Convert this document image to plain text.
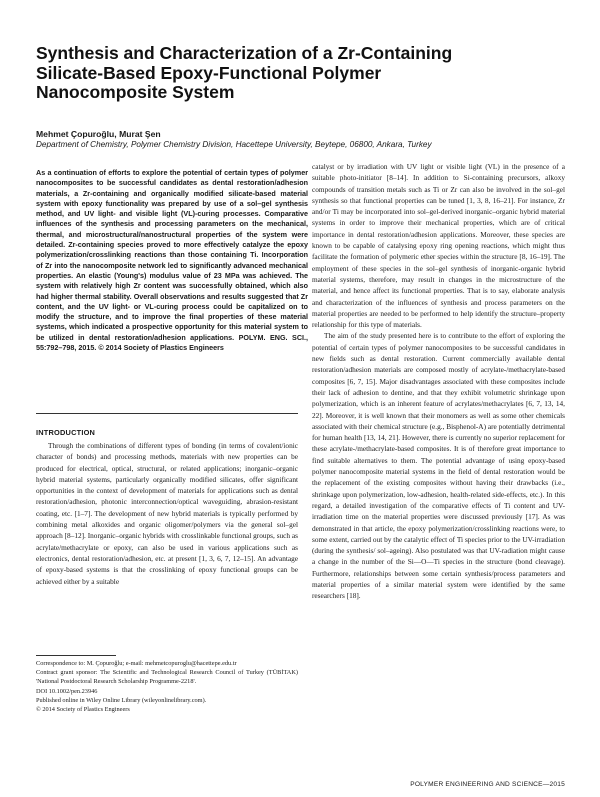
Synthesis and Characterization of a Zr-Containing
Silicate-Based Epoxy-Functional Polymer
Nanocomposite System
Mehmet Çopuroğlu, Murat Şen
Department of Chemistry, Polymer Chemistry Division, Hacettepe University, Beytepe, 06800, Ankara, Turkey
As a continuation of efforts to explore the potential of certain types of polymer nanocomposites to be successful candidates as dental restoration/adhesion materials, a Zr-containing and organically modified silicate-based material system with epoxy functionality was prepared by use of a sol–gel synthesis method, and UV light- and visible light (VL)-curing processes. Comparative influences of the synthesis and processing parameters on the mechanical, thermal, and microstructural/nanostructural properties of the system were detailed. Zr-containing species proved to more effectively catalyze the epoxy polymerization/crosslinking reactions than those containing Ti. Incorporation of Zr into the nanocomposite network led to significantly advanced mechanical properties. An elastic (Young's) modulus value of 23 MPa was achieved. The system with relatively high Zr content was successfully obtained, which also had higher thermal stability. Overall observations and results suggested that Zr content, and the UV light- or VL-curing process could be capitalized on to modify the structure, and to improve the final properties of these material systems, which indicated a prospective opportunity for this material system to be utilized in dental restoration/adhesion applications. POLYM. ENG. SCI., 55:792–798, 2015. © 2014 Society of Plastics Engineers
INTRODUCTION

Through the combinations of different types of bonding (in terms of covalent/ionic character of bonds) and processing methods, materials with new properties can be produced for electrical, optical, structural, or related applications; inorganic–organic hybrid material systems, particularly organically modified silicates, offer significant opportunities in the context of development of materials for applications such as dental restoration/adhesion, photonic interconnection/optical waveguiding, abrasion-resistant coating, etc. [1–7]. The development of new hybrid materials is typically performed by combining metal alkoxides and organic oligomer/polymers via the general sol–gel approach [8–12]. Inorganic–organic hybrids with crosslinkable functional groups, such as acrylate/methacrylate or epoxy, can also be used in various applications such as electronics, dental restoration/adhesion, etc. at present [1, 3, 6, 7, 12–15]. An advantage of epoxy-based systems is that the crosslinking of epoxy functional groups can be achieved either by a suitable

Correspondence to: M. Çopuroğlu; e-mail: mehmetcopuroglu@hacettepe.edu.tr
Contract grant sponsor: The Scientific and Technological Research Council of Turkey (TÜBİTAK) 'National Postdoctoral Research Scholarship Programme-2218'.
DOI 10.1002/pen.23946
Published online in Wiley Online Library (wileyonlinelibrary.com).
© 2014 Society of Plastics Engineers

catalyst or by irradiation with UV light or visible light (VL) in the presence of a suitable photo-initiator [8–14]. In addition to Si-containing precursors, alkoxy compounds of transition metals such as Ti or Zr can also be involved in the sol–gel synthesis so that functional properties can be tuned [1, 3, 8, 16–21]. For instance, Zr and/or Ti may be incorporated into sol–gel-derived inorganic–organic hybrid material systems in order to improve their mechanical properties, which are of critical importance in dental restoration/adhesion applications. Moreover, these species are known to be capable of catalysing epoxy ring opening reactions, which might thus facilitate the formation of polymeric ether species within the structure [8, 16–19]. The employment of these species in the sol–gel synthesis of inorganic-organic hybrid material systems, therefore, may result in changes in the microstructure of the material, and hence affect its functional properties. That is to say, elaborate analysis and characterization of the influences of synthesis and process parameters on the material properties are needed to be performed to help identify the structure–property relationship for this type of materials.

The aim of the study presented here is to contribute to the effort of exploring the potential of certain types of polymer nanocomposites to be successful candidates in new fields such as dental restoration. Current commercially available dental restoration/adhesion materials are composed mostly of acrylate-/methacrylate-based composites [6, 7, 15]. Major disadvantages associated with these composites include their lack of adhesion to dentine, and that they exhibit volumetric shrinkage upon polymerization, which is an inherent feature of acrylates/methacrylates [6, 7, 13, 14, 22]. Moreover, it is well known that their monomers as well as some other chemicals associated with their chemical structure (e.g., Bisphenol-A) are potentially detrimental for human health [13, 14, 21]. However, there is currently no superior replacement for these acrylate-/methacrylate-based composites. It is of therefore great importance to find suitable alternatives to them. The potential advantage of using epoxy-based polymer nanocomposite material systems in the field of dental restoration would be the replacement of the existing composites without having their drawbacks (i.e., shrinkage upon polymerization, low-adhesion, health-related side-effects, etc.). In this regard, a detailed investigation of the comparative effects of Ti content and UV-irradiation time on the material properties were discussed previously [17]. As was demonstrated in that article, the epoxy polymerization/crosslinking reactions were, to some extent, carried out by the catalytic effect of Ti species prior to the UV-irradiation (during the synthesis/ sol–ageing). Also postulated was that UV-radiation might cause a change in the number of the Si—O—Ti species in the structure (bond cleavage). Furthermore, relationships between some certain synthesis/process parameters and material properties of a similar material system were identified by the same researchers [18].

POLYMER ENGINEERING AND SCIENCE—2015
